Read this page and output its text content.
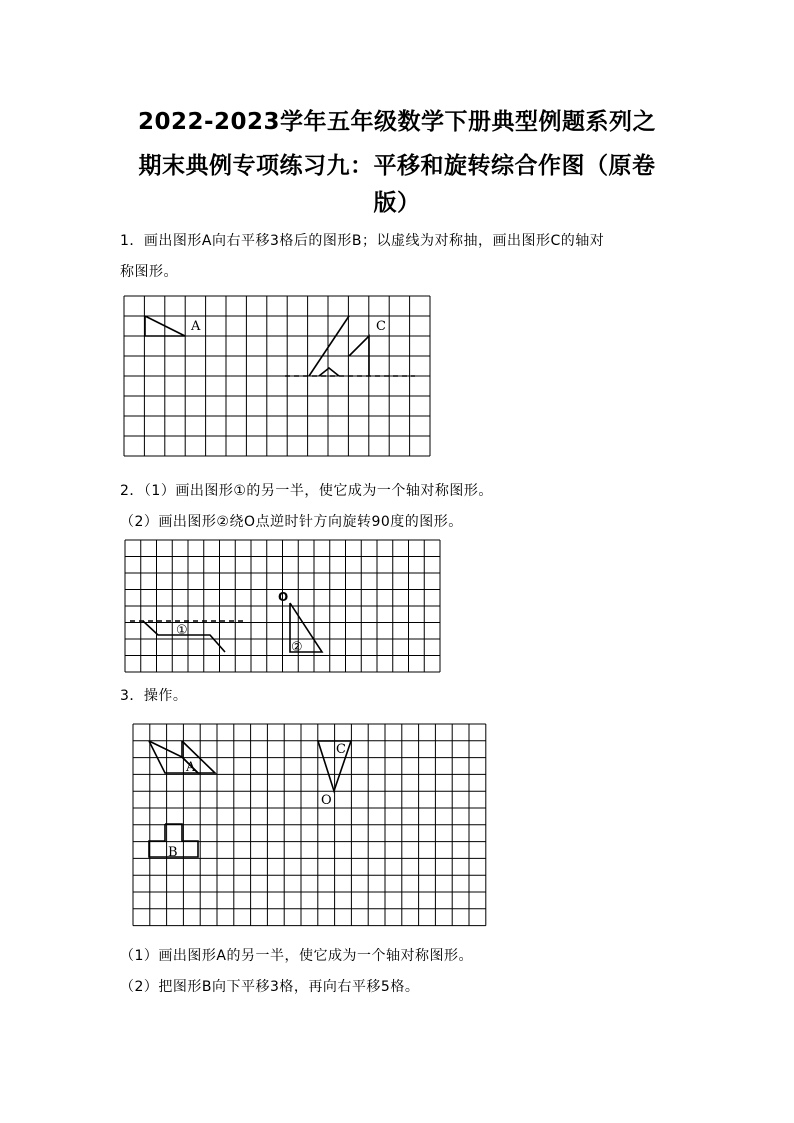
2022-2023学年五年级数学下册典型例题系列之
期末典例专项练习九：平移和旋转综合作图（原卷
版）
1．画出图形A向右平移3格后的图形B；以虚线为对称抽，画出图形C的轴对
称图形。
A	C
2．（1）画出图形①的另一半，使它成为一个轴对称图形。
（2）画出图形②绕O点逆时针方向旋转90度的图形。
①
②
O
3．操作。
A
C
O
B
（1）画出图形A的另一半，使它成为一个轴对称图形。
（2）把图形B向下平移3格，再向右平移5格。
